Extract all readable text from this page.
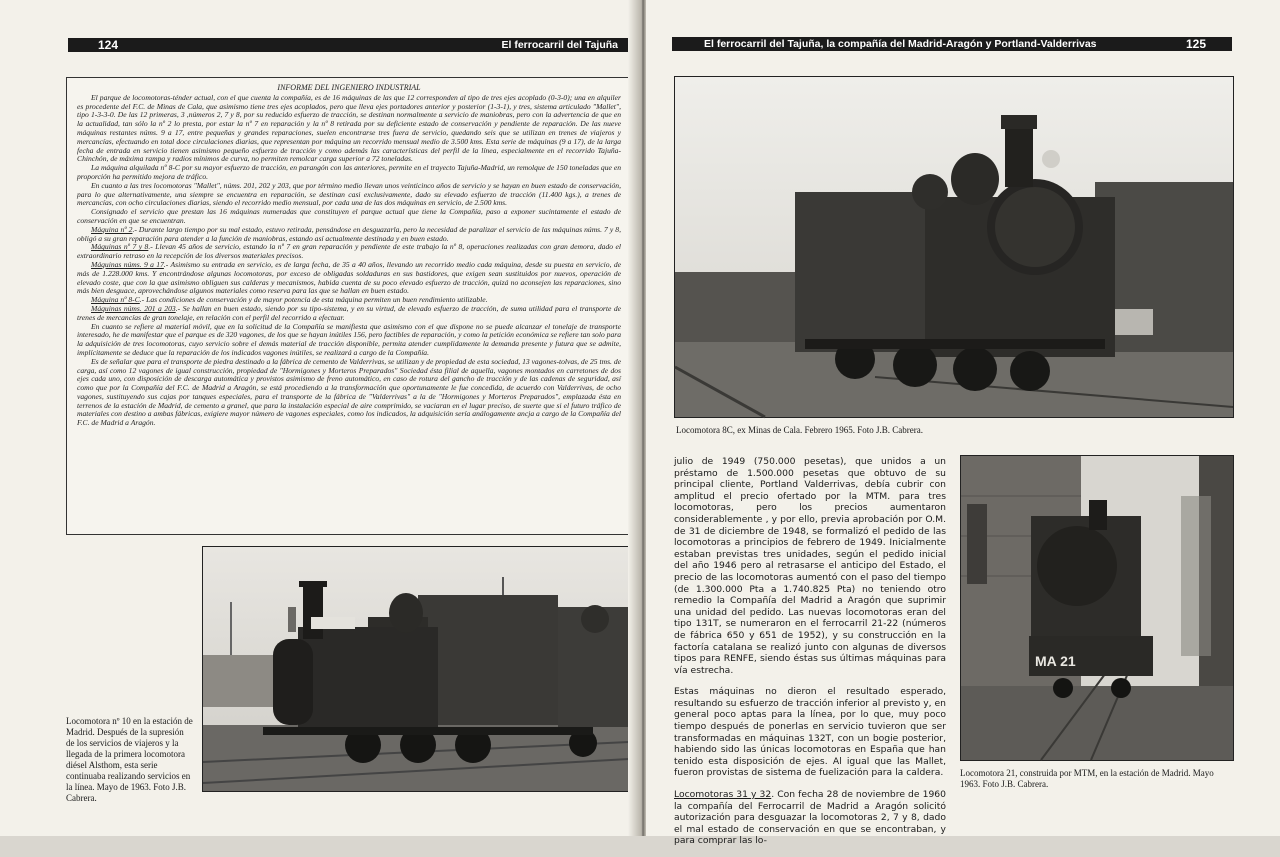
124	El ferrocarril del Tajuña
INFORME DEL INGENIERO INDUSTRIAL

El parque de locomotoras-ténder actual, con el que cuenta la compañía, es de 16 máquinas de las que 12 corresponden al tipo de tres ejes acoplado (0-3-0); una en alquiler es procedente del F.C. de Minas de Cala, que asimismo tiene tres ejes acoplados, pero que lleva ejes portadores anterior y posterior (1-3-1), y tres, sistema articulado "Mallet", tipo 1-3-3-0. De las 12 primeras, 3 ,números 2, 7 y 8, por su reducido esfuerzo de tracción, se destinan normalmente a servicio de maniobras, pero con la advertencia de que en la actualidad, tan sólo la nº 2 lo presta, por estar la nº 7 en reparación y la nº 8 retirada por su deficiente estado de conservación y pendiente de reparación. De las nueve máquinas restantes núms. 9 a 17, entre pequeñas y grandes reparaciones, suelen encontrarse tres fuera de servicio, quedando seis que se utilizan en trenes de viajeros y mercancías, efectuando en total doce circulaciones diarias, que representan por máquina un recorrido mensual medio de 3.500 kms. Esta serie de máquinas (9 a 17), de la larga fecha de entrada en servicio tienen asimismo pequeño esfuerzo de tracción y como además las características del perfil de la línea, especialmente en el recorrido Tajuña-Chinchón, de máxima rampa y radios mínimos de curva, no permiten remolcar carga superior a 72 toneladas.

La máquina alquilada nº 8-C por su mayor esfuerzo de tracción, en parangón con las anteriores, permite en el trayecto Tajuña-Madrid, un remolque de 150 toneladas que en proporción ha permitido mejora de tráfico.

En cuanto a las tres locomotoras "Mallet", núms. 201, 202 y 203, que por término medio llevan unos veinticinco años de servicio y se hayan en buen estado de conservación, para lo que alternativamente, una siempre se encuentra en reparación, se destinan casi exclusivamente, dado su elevado esfuerzo de tracción (11.400 kgs.), a trenes de mercancías, con ocho circulaciones diarias, siendo el recorrido medio mensual, por cada una de las dos máquinas en servicio, de 2.500 kms.

Consignado el servicio que prestan las 16 máquinas numeradas que constituyen el parque actual que tiene la Compañía, paso a exponer sucintamente el estado de conservación en que se encuentran.

Máquina nº 2.- Durante largo tiempo por su mal estado, estuvo retirada, pensándose en desguazarla, pero la necesidad de paralizar el servicio de las máquinas núms. 7 y 8, obligó a su gran reparación para atender a la función de maniobras, estando así actualmente destinada y en buen estado.

Máquinas nº 7 y 8.- Llevan 45 años de servicio, estando la nº 7 en gran reparación y pendiente de este trabajo la nº 8, operaciones realizadas con gran demora, dado el extraordinario retraso en la recepción de los diversos materiales precisos.

Máquinas núms. 9 a 17.- Asimismo su entrada en servicio, es de larga fecha, de 35 a 40 años, llevando un recorrido medio cada máquina, desde su puesta en servicio, de más de 1.228.000 kms. Y encontrándose algunas locomotoras, por exceso de obligadas soldaduras en sus bastidores, que exigen sean sustituidos por nuevos, operación de elevado coste, que con la que asimismo obliguen sus calderas y mecanismos, habida cuenta de su poco elevado esfuerzo de tracción, quizá no aconsejen las reparaciones, sino más bien desguace, aprovechándose algunos materiales como reserva para las que se hallan en buen estado.

Máquina nº 8-C.- Las condiciones de conservación y de mayor potencia de esta máquina permiten un buen rendimiento utilizable.

Máquinas núms. 201 a 203.- Se hallan en buen estado, siendo por su tipo-sistema, y en su virtud, de elevado esfuerzo de tracción, de suma utilidad para el transporte de trenes de mercancías de gran tonelaje, en relación con el perfil del recorrido a efectuar.

En cuanto se refiere al material móvil, que en la solicitud de la Compañía se manifiesta que asimismo con el que dispone no se puede alcanzar el tonelaje de transporte interesado, he de manifestar que el parque es de 320 vagones, de los que se hayan inútiles 156, pero factibles de reparación, y como la petición económica se refiere tan solo para la adquisición de tres locomotoras, cuyo servicio sobre el demás material de tracción disponible, permita atender cumplidamente la demanda presente y futura que se admite, implícitamente se deduce que la reparación de los indicados vagones inútiles, se realizará a cargo de la Compañía.

Es de señalar que para el transporte de piedra destinado a la fábrica de cemento de Valderrivas, se utilizan y de propiedad de esta sociedad, 13 vagones-tolvas, de 25 tms. de carga, así como 12 vagones de igual construcción, propiedad de "Hormigones y Morteros Preparados" Sociedad ésta filial de aquella, vagones montados en carretones de dos ejes cada uno, con disposición de descarga automática y provistos asimismo de freno automático, en caso de rotura del gancho de tracción y de las cadenas de seguridad, así como que por la Compañía del F.C. de Madrid a Aragón, se está procediendo a la transformación que oportunamente le fue concedida, de acuerdo con Valderrivas, de ocho vagones, sustituyendo sus cajas por tanques especiales, para el transporte de la fábrica de "Valderrivas" a la de "Hormigones y Morteros Preparados", emplazada ésta en terrenos de la estación de Madrid, de cemento a granel, que para la instalación especial de aire comprimido, se vaciaran en el lugar preciso, de suerte que si el futuro tráfico de materiales con destino a ambas fábricas, exigiere mayor número de vagones especiales, como los indicados, la adquisición sería análogamente ancja a cargo de la Compañía del F.C. de Madrid a Aragón.

Locomotora nº 10 en la estación de Madrid. Después de la supresión de los servicios de viajeros y la llegada de la primera locomotora diésel Alsthom, esta serie continuaba realizando servicios en la línea. Mayo de 1963. Foto J.B. Cabrera.
El ferrocarril del Tajuña, la compañía del Madrid-Aragón y Portland-Valderrivas	125
Locomotora 8C, ex Minas de Cala. Febrero 1965. Foto J.B. Cabrera.

julio de 1949 (750.000 pesetas), que unidos a un préstamo de 1.500.000 pesetas que obtuvo de su principal cliente, Portland Valderrivas, debía cubrir con amplitud el precio ofertado por la MTM. para tres locomotoras, pero los precios aumentaron considerablemente , y por ello, previa aprobación por O.M. de 31 de diciembre de 1948, se formalizó el pedido de las locomotoras a principios de febrero de 1949. Inicialmente estaban previstas tres unidades, según el pedido inicial del año 1946 pero al retrasarse el anticipo del Estado, el precio de las locomotoras aumentó con el paso del tiempo (de 1.300.000 Pta a 1.740.825 Pta) no teniendo otro remedio la Compañía del Madrid a Aragón que suprimir una unidad del pedido. Las nuevas locomotoras eran del tipo 131T, se numeraron en el ferrocarril 21-22 (números de fábrica 650 y 651 de 1952), y su construcción en la factoría catalana se realizó junto con algunas de diversos tipos para RENFE, siendo éstas sus últimas máquinas para vía estrecha.

Estas máquinas no dieron el resultado esperado, resultando su esfuerzo de tracción inferior al previsto y, en general poco aptas para la línea, por lo que, muy poco tiempo después de ponerlas en servicio tuvieron que ser transformadas en máquinas 132T, con un bogie posterior, habiendo sido las únicas locomotoras en España que han tenido esta disposición de ejes. Al igual que las Mallet, fueron provistas de sistema de fuelización para la caldera.

Locomotoras 31 y 32. Con fecha 28 de noviembre de 1960 la compañía del Ferrocarril de Madrid a Aragón solicitó autorización para desguazar la locomotoras 2, 7 y 8, dado el mal estado de conservación en que se encontraban, y para comprar las lo-

MA 21
Locomotora 21, construida por MTM, en la estación de Madrid. Mayo 1963. Foto J.B. Cabrera.
